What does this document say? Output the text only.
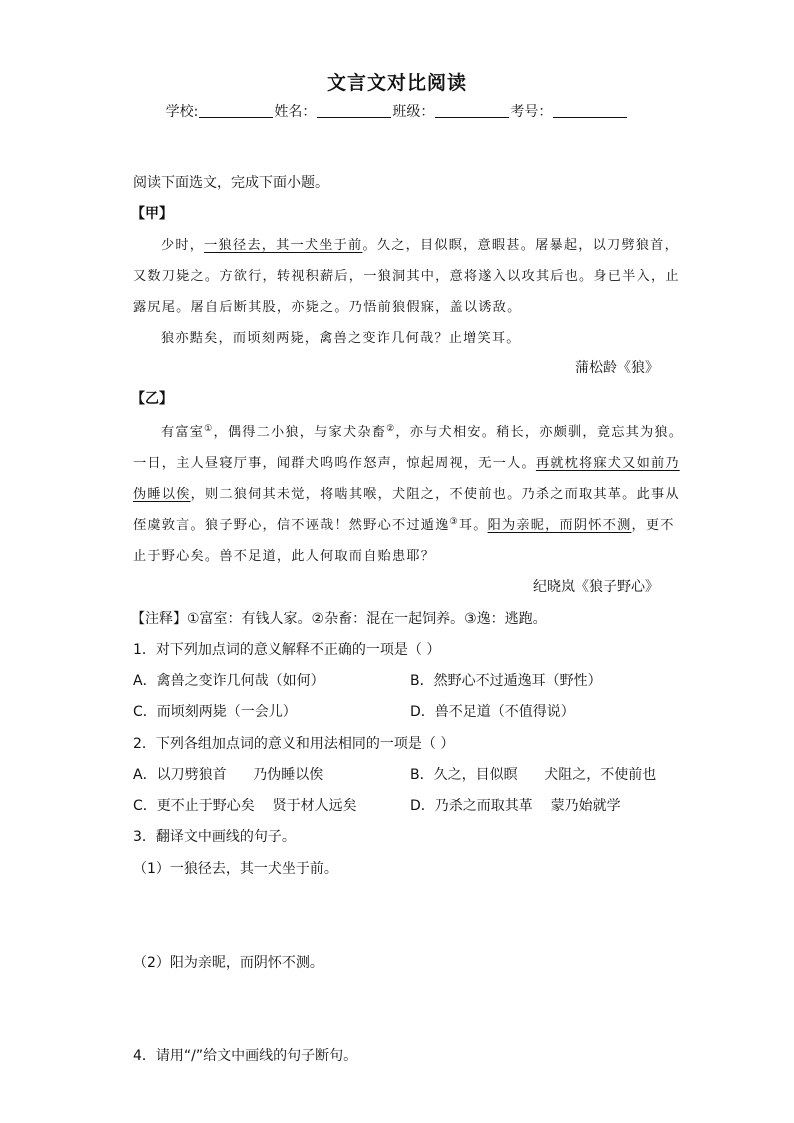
文言文对比阅读
学校:	姓名：	班级：	考号：
阅读下面选文，完成下面小题。
【甲】
少时，一狼径去，其一犬坐于前。久之，目似瞑，意暇甚。屠暴起，以刀劈狼首，
又数刀毙之。方欲行，转视积薪后，一狼洞其中，意将遂入以攻其后也。身已半入，止
露尻尾。屠自后断其股，亦毙之。乃悟前狼假寐，盖以诱敌。
狼亦黠矣，而顷刻两毙，禽兽之变诈几何哉？止增笑耳。
蒲松龄《狼》
【乙】
有富室①，偶得二小狼，与家犬杂畜②，亦与犬相安。稍长，亦颇驯，竟忘其为狼。
一日，主人昼寝厅事，闻群犬呜呜作怒声，惊起周视，无一人。再就枕将寐犬又如前乃
伪睡以俟，则二狼伺其未觉，将啮其喉，犬阻之，不使前也。乃杀之而取其革。此事从
侄虞敦言。狼子野心，信不诬哉！然野心不过遁逸③耳。阳为亲昵，而阴怀不测，更不
止于野心矣。兽不足道，此人何取而自贻患耶？
纪晓岚《狼子野心》
【注释】①富室：有钱人家。②杂畜：混在一起饲养。③逸：逃跑。
1．对下列加点词的意义解释不正确的一项是（ ）
A．禽兽之变诈几何哉（如何）	B．然野心不过遁逸耳（野性）
C．而顷刻两毙（一会儿）	D．兽不足道（不值得说）
2．下列各组加点词的意义和用法相同的一项是（ ）
A．以刀劈狼首      乃伪睡以俟	B．久之，目似瞑      犬阻之，不使前也
C．更不止于野心矣    贤于材人远矣	D．乃杀之而取其革    蒙乃始就学
3．翻译文中画线的句子。
（1）一狼径去，其一犬坐于前。
（2）阳为亲昵，而阴怀不测。
4．请用“/”给文中画线的句子断句。
